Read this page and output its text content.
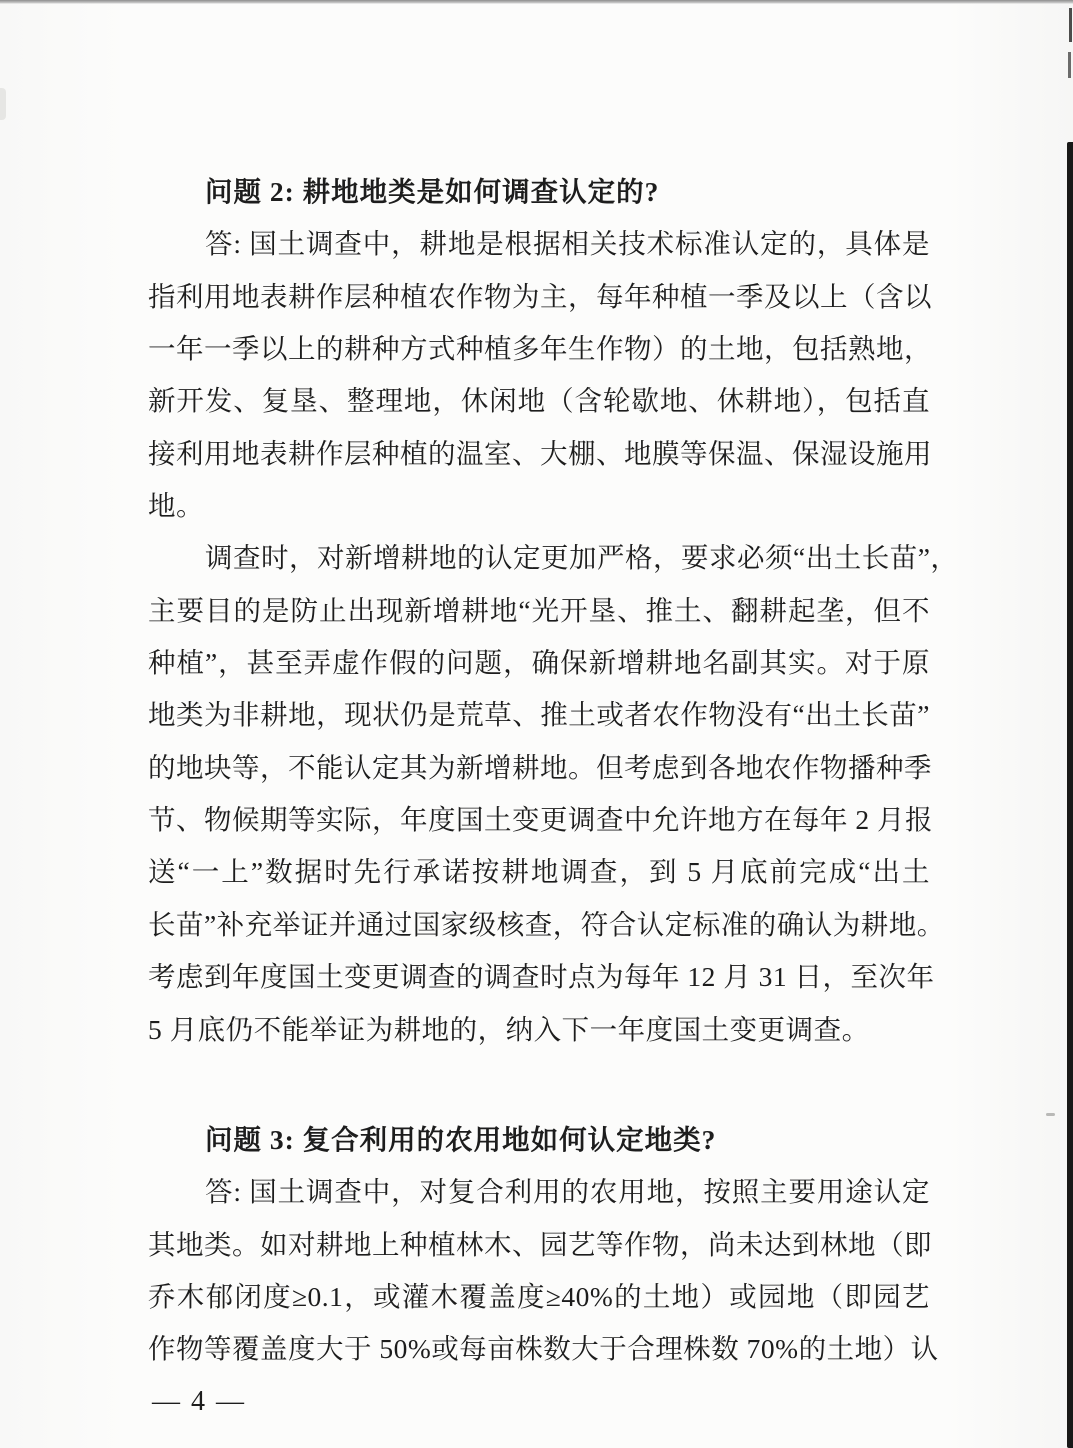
问题 2: 耕地地类是如何调查认定的?
答: 国土调查中，耕地是根据相关技术标准认定的，具体是
指利用地表耕作层种植农作物为主，每年种植一季及以上（含以
一年一季以上的耕种方式种植多年生作物）的土地，包括熟地，
新开发、复垦、整理地，休闲地（含轮歇地、休耕地），包括直
接利用地表耕作层种植的温室、大棚、地膜等保温、保湿设施用
地。
调查时，对新增耕地的认定更加严格，要求必须“出土长苗”，
主要目的是防止出现新增耕地“光开垦、推土、翻耕起垄，但不
种植”，甚至弄虚作假的问题，确保新增耕地名副其实。对于原
地类为非耕地，现状仍是荒草、推土或者农作物没有“出土长苗”
的地块等，不能认定其为新增耕地。但考虑到各地农作物播种季
节、物候期等实际，年度国土变更调查中允许地方在每年 2 月报
送“一上”数据时先行承诺按耕地调查，到 5 月底前完成“出土
长苗”补充举证并通过国家级核查，符合认定标准的确认为耕地。
考虑到年度国土变更调查的调查时点为每年 12 月 31 日，至次年
5 月底仍不能举证为耕地的，纳入下一年度国土变更调查。
问题 3: 复合利用的农用地如何认定地类?
答: 国土调查中，对复合利用的农用地，按照主要用途认定
其地类。如对耕地上种植林木、园艺等作物，尚未达到林地（即
乔木郁闭度≥0.1，或灌木覆盖度≥40%的土地）或园地（即园艺
作物等覆盖度大于 50%或每亩株数大于合理株数 70%的土地）认
— 4 —
